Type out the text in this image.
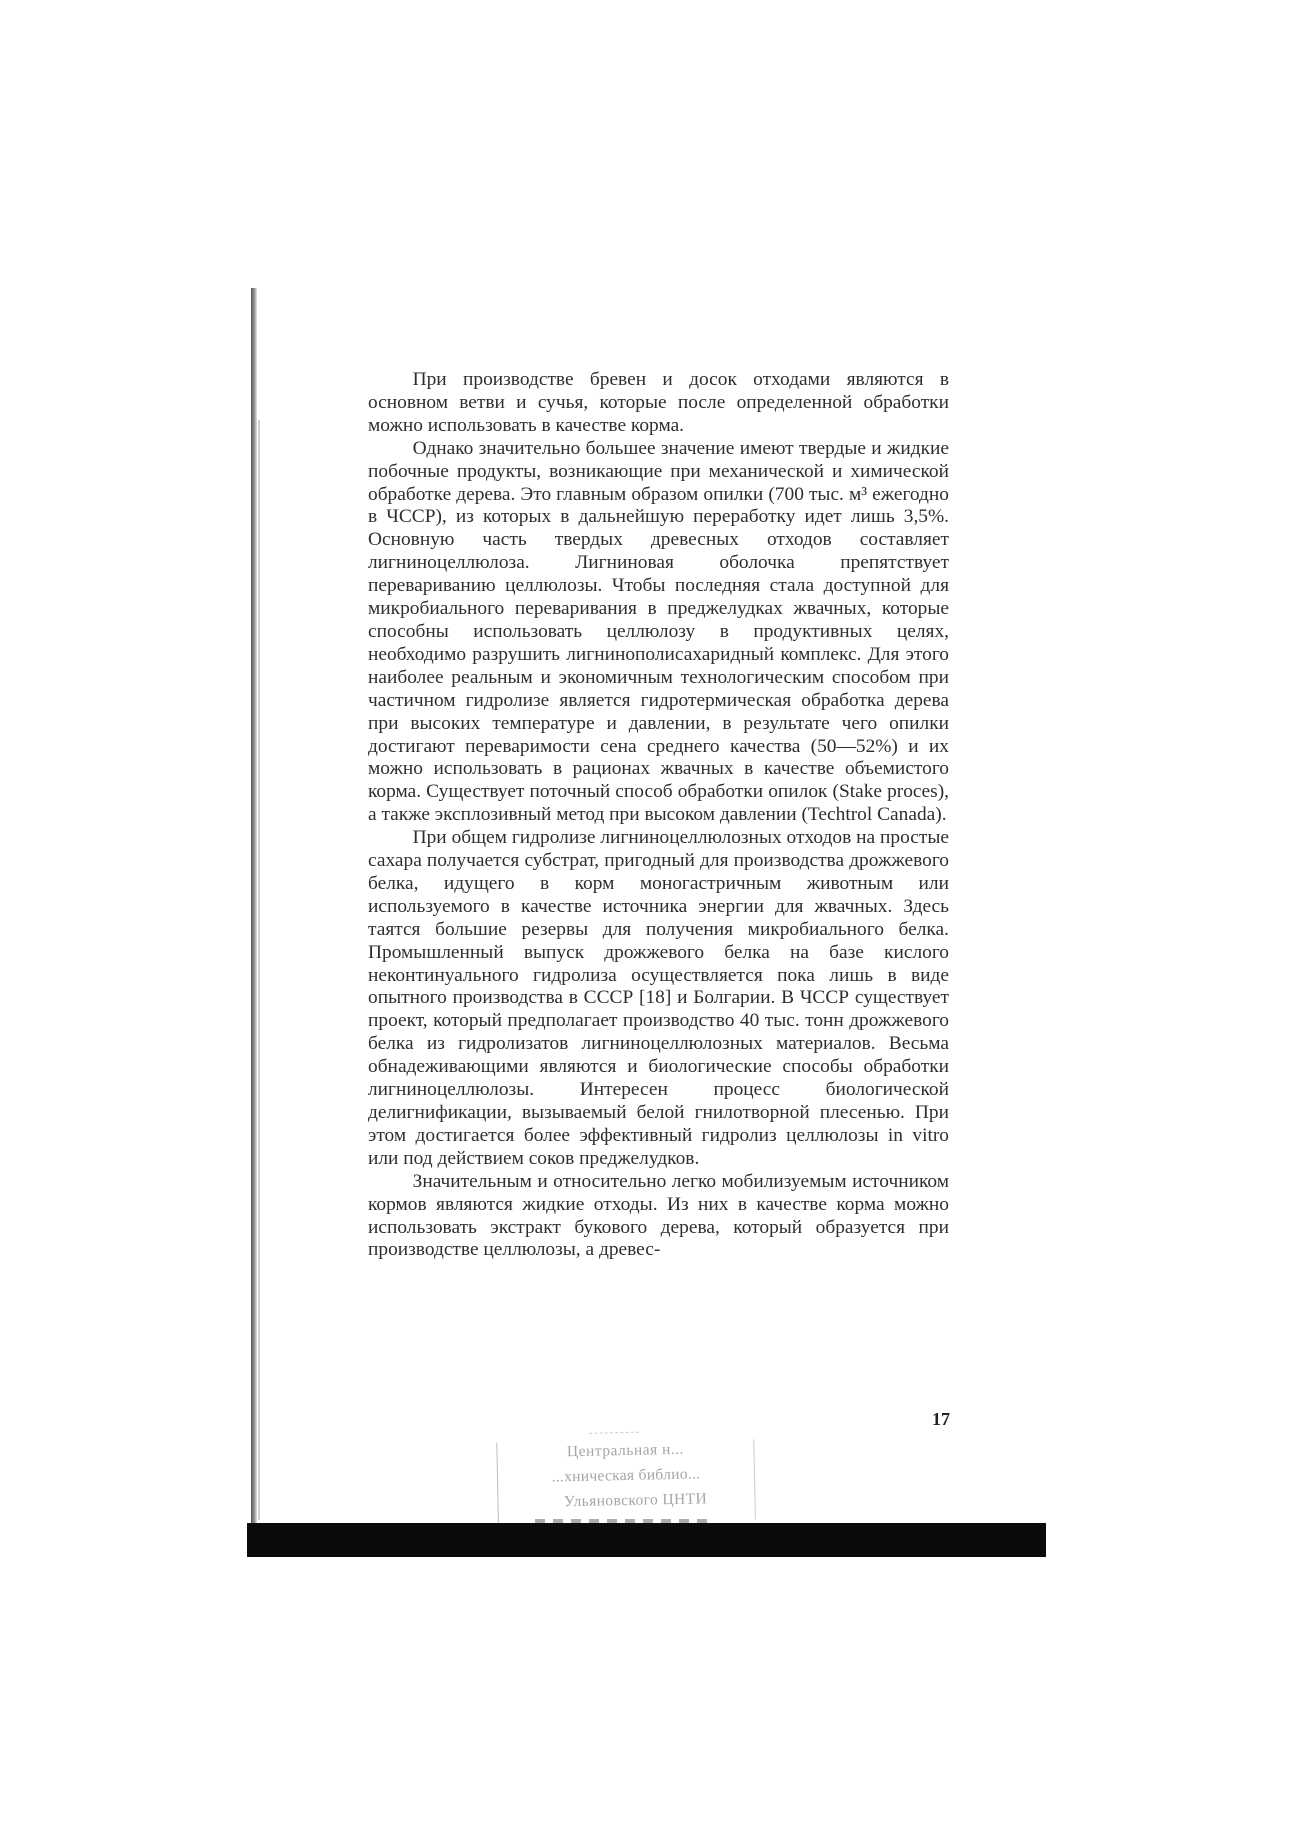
При производстве бревен и досок отходами являются в основном ветви и сучья, которые после определенной обработки можно использовать в качестве корма.

Однако значительно большее значение имеют твердые и жидкие побочные продукты, возникающие при механической и химической обработке дерева. Это главным образом опилки (700 тыс. м³ ежегодно в ЧССР), из которых в дальнейшую переработку идет лишь 3,5%. Основную часть твердых древесных отходов составляет лигниноцеллюлоза. Лигниновая оболочка препятствует перевариванию целлюлозы. Чтобы последняя стала доступной для микробиального переваривания в преджелудках жвачных, которые способны использовать целлюлозу в продуктивных целях, необходимо разрушить лигнинополисахаридный комплекс. Для этого наиболее реальным и экономичным технологическим способом при частичном гидролизе является гидротермическая обработка дерева при высоких температуре и давлении, в результате чего опилки достигают переваримости сена среднего качества (50—52%) и их можно использовать в рационах жвачных в качестве объемистого корма. Существует поточный способ обработки опилок (Stake proces), а также эксплозивный метод при высоком давлении (Techtrol Canada).

При общем гидролизе лигниноцеллюлозных отходов на простые сахара получается субстрат, пригодный для производства дрожжевого белка, идущего в корм моногастричным животным или используемого в качестве источника энергии для жвачных. Здесь таятся большие резервы для получения микробиального белка. Промышленный выпуск дрожжевого белка на базе кислого неконтинуального гидролиза осуществляется пока лишь в виде опытного производства в СССР [18] и Болгарии. В ЧССР существует проект, который предполагает производство 40 тыс. тонн дрожжевого белка из гидролизатов лигниноцеллюлозных материалов. Весьма обнадеживающими являются и биологические способы обработки лигниноцеллюлозы. Интересен процесс биологической делигнификации, вызываемый белой гнилотворной плесенью. При этом достигается более эффективный гидролиз целлюлозы in vitro или под действием соков преджелудков.

Значительным и относительно легко мобилизуемым источником кормов являются жидкие отходы. Из них в качестве корма можно использовать экстракт букового дерева, который образуется при производстве целлюлозы, а древес-

17
Центральная н...
...хническая библио...
Ульяновского ЦНТИ
